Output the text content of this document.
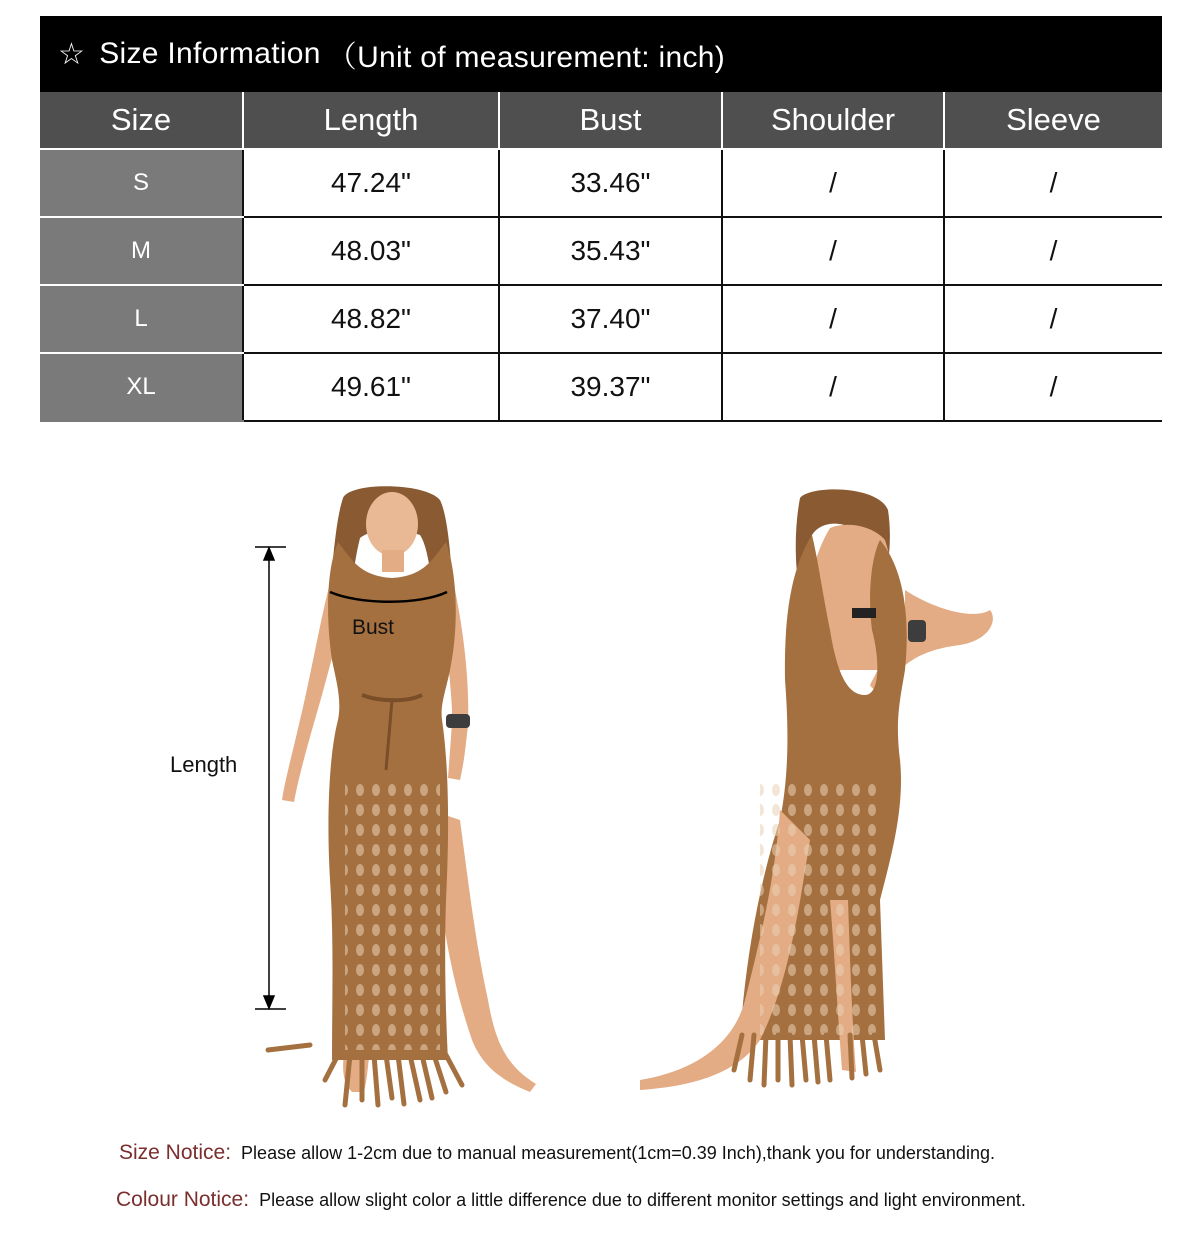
☆ Size Information （Unit of measurement: inch)
Size	Length	Bust	Shoulder	Sleeve
S	47.24"	33.46"	/	/
M	48.03"	35.43"	/	/
L	48.82"	37.40"	/	/
XL	49.61"	39.37"	/	/
Length
Bust
Size Notice: Please allow 1-2cm due to manual measurement(1cm=0.39 Inch),thank you for understanding.
Colour Notice: Please allow slight color a little difference due to different monitor settings and light environment.
